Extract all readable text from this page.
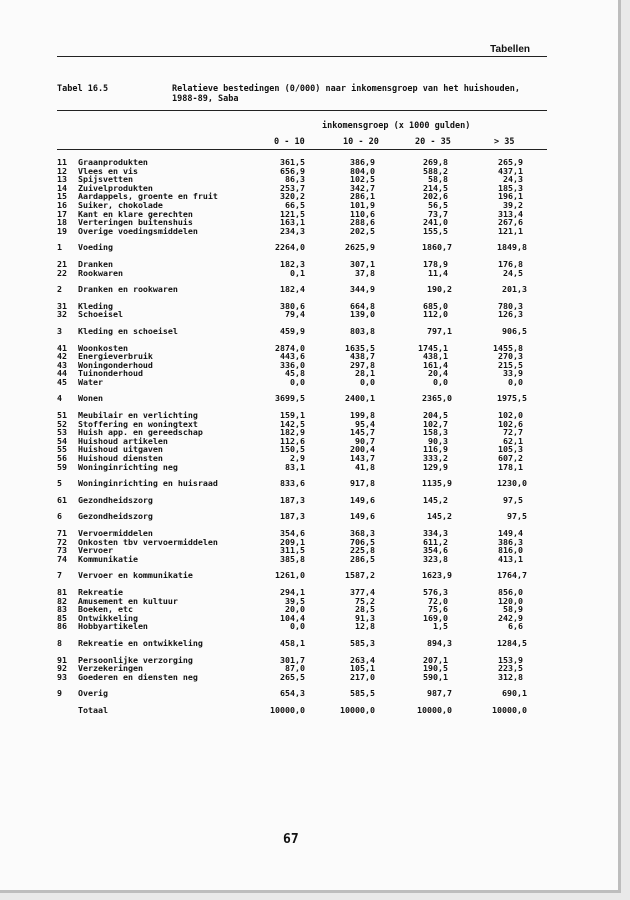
Tabellen
Tabel 16.5	Relatieve bestedingen (0/000) naar inkomensgroep van het huishouden, 1988-89, Saba
inkomensgroep (x 1000 gulden)
0 - 10	10 - 20	20 - 35	> 35
11 Graanprodukten	361,5	386,9	269,8	265,9
12 Vlees en vis	656,9	804,0	588,2	437,1
13 Spijsvetten	86,3	102,5	58,8	24,3
14 Zuivelprodukten	253,7	342,7	214,5	185,3
15 Aardappels, groente en fruit	320,2	286,1	202,6	196,1
16 Suiker, chokolade	66,5	101,9	56,5	39,2
17 Kant en klare gerechten	121,5	110,6	73,7	313,4
18 Verteringen buitenshuis	163,1	288,6	241,0	267,6
19 Overige voedingsmiddelen	234,3	202,5	155,5	121,1
1 Voeding	2264,0	2625,9	1860,7	1849,8
21 Dranken	182,3	307,1	178,9	176,8
22 Rookwaren	0,1	37,8	11,4	24,5
2 Dranken en rookwaren	182,4	344,9	190,2	201,3
31 Kleding	380,6	664,8	685,0	780,3
32 Schoeisel	79,4	139,0	112,0	126,3
3 Kleding en schoeisel	459,9	803,8	797,1	906,5
41 Woonkosten	2874,0	1635,5	1745,1	1455,8
42 Energieverbruik	443,6	438,7	438,1	270,3
43 Woningonderhoud	336,0	297,8	161,4	215,5
44 Tuinonderhoud	45,8	28,1	20,4	33,9
45 Water	0,0	0,0	0,0	0,0
4 Wonen	3699,5	2400,1	2365,0	1975,5
51 Meubilair en verlichting	159,1	199,8	204,5	102,0
52 Stoffering en woningtext	142,5	95,4	102,7	102,6
53 Huish app. en gereedschap	182,9	145,7	158,3	72,7
54 Huishoud artikelen	112,6	90,7	90,3	62,1
55 Huishoud uitgaven	150,5	200,4	116,9	105,3
56 Huishoud diensten	2,9	143,7	333,2	607,2
59 Woninginrichting neg	83,1	41,8	129,9	178,1
5 Woninginrichting en huisraad	833,6	917,8	1135,9	1230,0
61 Gezondheidszorg	187,3	149,6	145,2	97,5
6 Gezondheidszorg	187,3	149,6	145,2	97,5
71 Vervoermiddelen	354,6	368,3	334,3	149,4
72 Onkosten tbv vervoermiddelen	209,1	706,5	611,2	386,3
73 Vervoer	311,5	225,8	354,6	816,0
74 Kommunikatie	385,8	286,5	323,8	413,1
7 Vervoer en kommunikatie	1261,0	1587,2	1623,9	1764,7
81 Rekreatie	294,1	377,4	576,3	856,0
82 Amusement en kultuur	39,5	75,2	72,0	120,0
83 Boeken, etc	20,0	28,5	75,6	58,9
85 Ontwikkeling	104,4	91,3	169,0	242,9
86 Hobbyartikelen	0,0	12,8	1,5	6,6
8 Rekreatie en ontwikkeling	458,1	585,3	894,3	1284,5
91 Persoonlijke verzorging	301,7	263,4	207,1	153,9
92 Verzekeringen	87,0	105,1	190,5	223,5
93 Goederen en diensten neg	265,5	217,0	590,1	312,8
9 Overig	654,3	585,5	987,7	690,1
Totaal	10000,0	10000,0	10000,0	10000,0
67
